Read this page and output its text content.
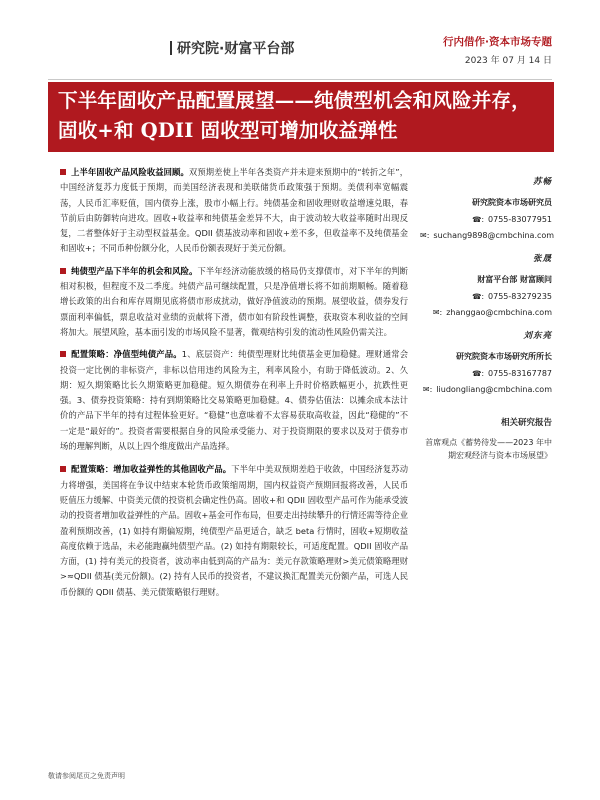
研究院·财富平台部	行内借作·资本市场专题
2023 年 07 月 14 日
下半年固收产品配置展望——纯债型机会和风险并存，固收+和 QDII 固收型可增加收益弹性

上半年固收产品风险收益回顾。双预期差使上半年各类资产并未迎来预期中的“转折之年”，中国经济复苏力度低于预期，而美国经济表现和美联储货币政策强于预期。美债利率宽幅震荡，人民币汇率贬值，国内债券上涨，股市小幅上行。纯债基金和固收理财收益增速兑眼，春节前后由防御转向进攻。固收+收益率和纯债基金差异不大，由于波动较大收益率随时出现反复，二者整体好于主动型权益基金。QDII 债基波动率和固收+差不多，但收益率不及纯债基金和固收+；不同币种份额分化，人民币份额表现好于美元份额。

纯债型产品下半年的机会和风险。下半年经济动能放缓的格局仍支撑债市，对下半年的判断相对积极，但程度不及二季度。纯债产品可继续配置，只是净值增长将不如前期顺畅。随着稳增长政策的出台和库存周期见底将债市形成扰动，做好净值波动的预期。展望收益，债券发行票面利率偏低，票息收益对业绩的贡献将下滑，债市如有阶段性调整，获取资本利收益的空间将加大。展望风险，基本面引发的市场风险不显著，微观结构引发的流动性风险仍需关注。

配置策略：净值型纯债产品。1、底层资产：纯债型理财比纯债基金更加稳健。理财通常会投资一定比例的非标资产，非标以信用违约风险为主，利率风险小，有助于降低波动。2、久期：短久期策略比长久期策略更加稳健。短久期债券在利率上升时价格跌幅更小，抗跌性更强。3、债券投资策略：持有到期策略比交易策略更加稳健。4、债券估值法：以摊余成本法计价的产品下半年的持有过程体验更好。“稳健”也意味着不太容易获取高收益，因此“稳健的”不一定是“最好的”。投资者需要根据自身的风险承受能力、对于投资期限的要求以及对于债券市场的理解判断，从以上四个维度做出产品选择。

配置策略：增加收益弹性的其他固收产品。下半年中美双预期差趋于收敛，中国经济复苏动力将增强，美国将在争议中结束本轮货币政策缩周期，国内权益资产预期回报将改善，人民币贬值压力缓解、中资美元债的投资机会确定性仍高。固收+和 QDII 固收型产品可作为能承受波动的投资者增加收益弹性的产品。固收+基金可作布局，但要走出持续攀升的行情还需等待企业盈利预期改善，(1) 如持有期偏短期，纯债型产品更适合，缺乏 beta 行情时，固收+短期收益高度依赖于选品，未必能跑赢纯债型产品。(2) 如持有期限较长，可适度配置。QDII 固收产品方面，(1) 持有美元的投资者，波动率由低到高的产品为：美元存款策略理财>美元债策略理财>≈QDII 债基(美元份额)。(2) 持有人民币的投资者，不建议换汇配置美元份额产品，可选人民币份额的 QDII 债基、美元债策略银行理财。

苏畅
研究院资本市场研究员
☎: 0755-83077951
✉: suchang9898@cmbchina.com
张晟
财富平台部 财富顾问
☎: 0755-83279235
✉: zhanggao@cmbchina.com
刘东亮
研究院资本市场研究所所长
☎: 0755-83167787
✉: liudongliang@cmbchina.com
相关研究报告
首席观点《蓄势待发——2023 年中期宏观经济与资本市场展望》
敬请参阅尾页之免责声明
